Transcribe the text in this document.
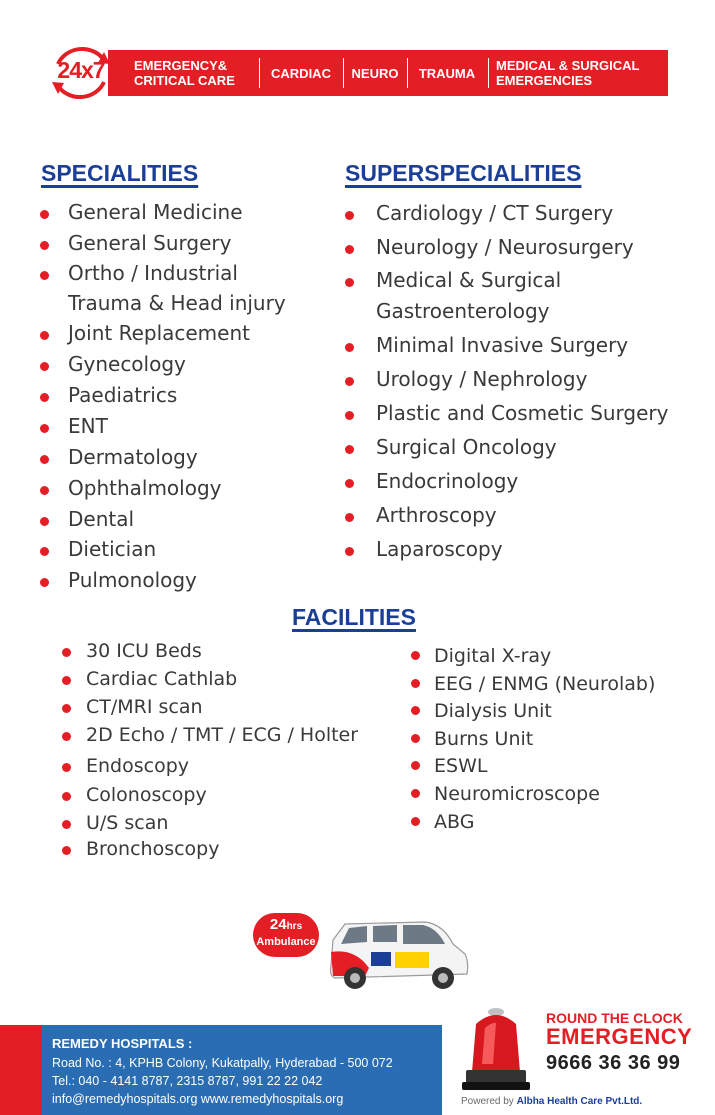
24x7	EMERGENCY&
CRITICAL CARE	CARDIAC	NEURO	TRAUMA	MEDICAL & SURGICAL
EMERGENCIES
SPECIALITIES	SUPERSPECIALITIES
FACILITIES
General Medicine
General Surgery
Ortho / Industrial
Trauma & Head injury
Joint Replacement
Gynecology
Paediatrics
ENT
Dermatology
Ophthalmology
Dental
Dietician
Pulmonology
Cardiology / CT Surgery
Neurology / Neurosurgery
Medical & Surgical
Gastroenterology
Minimal Invasive Surgery
Urology / Nephrology
Plastic and Cosmetic Surgery
Surgical Oncology
Endocrinology
Arthroscopy
Laparoscopy
30 ICU Beds
Cardiac Cathlab
CT/MRI scan
2D Echo / TMT / ECG / Holter
Endoscopy
Colonoscopy
U/S scan
Bronchoscopy
Digital X-ray
EEG / ENMG (Neurolab)
Dialysis Unit
Burns Unit
ESWL
Neuromicroscope
ABG
24hrs
Ambulance
REMEDY HOSPITALS :
Road No. : 4, KPHB Colony, Kukatpally, Hyderabad - 500 072
Tel.: 040 - 4141 8787, 2315 8787, 991 22 22 042
info@remedyhospitals.org www.remedyhospitals.org
ROUND THE CLOCK
EMERGENCY
9666 36 36 99
Powered by Albha Health Care Pvt.Ltd.
